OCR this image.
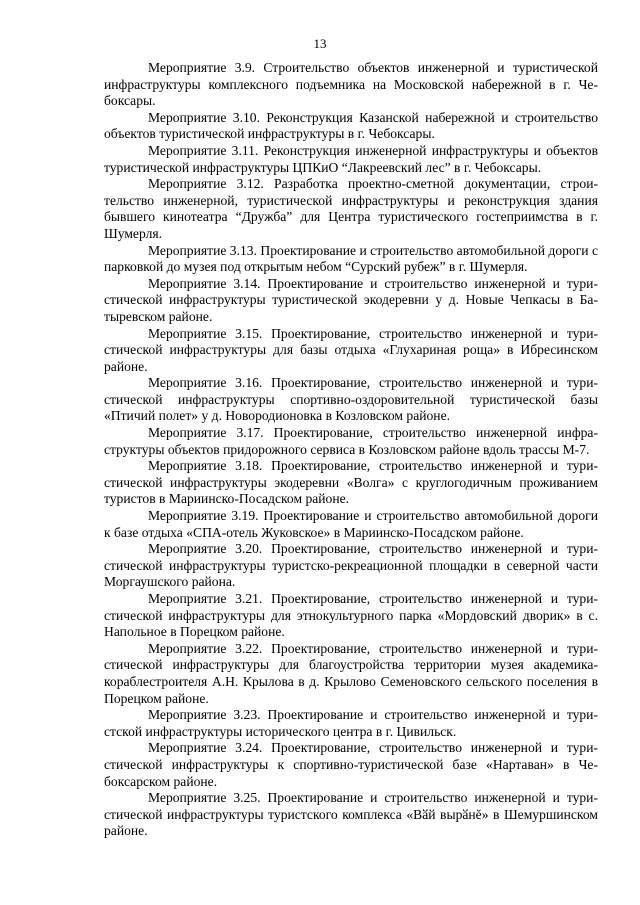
13

Мероприятие 3.9. Строительство объектов инженерной и туристической инфраструктуры комплексного подъемника на Московской набережной в г. Чебоксары.

Мероприятие 3.10. Реконструкция Казанской набережной и строительство объектов туристической инфраструктуры в г. Чебоксары.

Мероприятие 3.11. Реконструкция инженерной инфраструктуры и объектов туристической инфраструктуры ЦПКиО “Лакреевский лес” в г. Чебоксары.

Мероприятие 3.12. Разработка проектно-сметной документации, строительство инженерной, туристической инфраструктуры и реконструкция здания бывшего кинотеатра “Дружба” для Центра туристического гостеприимства в г. Шумерля.

Мероприятие 3.13. Проектирование и строительство автомобильной дороги с парковкой до музея под открытым небом “Сурский рубеж” в г. Шумерля.

Мероприятие 3.14. Проектирование и строительство инженерной и туристической инфраструктуры туристической экодеревни у д. Новые Чепкасы в Батыревском районе.

Мероприятие 3.15. Проектирование, строительство инженерной и туристической инфраструктуры для базы отдыха «Глухариная роща» в Ибресинском районе.

Мероприятие 3.16. Проектирование, строительство инженерной и туристической инфраструктуры спортивно-оздоровительной туристической базы «Птичий полет» у д. Новородионовка в Козловском районе.

Мероприятие 3.17. Проектирование, строительство инженерной инфраструктуры объектов придорожного сервиса в Козловском районе вдоль трассы М-7.

Мероприятие 3.18. Проектирование, строительство инженерной и туристической инфраструктуры экодеревни «Волга» с круглогодичным проживанием туристов в Мариинско-Посадском районе.

Мероприятие 3.19. Проектирование и строительство автомобильной дороги к базе отдыха «СПА-отель Жуковское» в Мариинско-Посадском районе.

Мероприятие 3.20. Проектирование, строительство инженерной и туристической инфраструктуры туристско-рекреационной площадки в северной части Моргаушского района.

Мероприятие 3.21. Проектирование, строительство инженерной и туристической инфраструктуры для этнокультурного парка «Мордовский дворик» в с. Напольное в Порецком районе.

Мероприятие 3.22. Проектирование, строительство инженерной и туристической инфраструктуры для благоустройства территории музея академика-кораблестроителя А.Н. Крылова в д. Крылово Семеновского сельского поселения в Порецком районе.

Мероприятие 3.23. Проектирование и строительство инженерной и туристской инфраструктуры исторического центра в г. Цивильск.

Мероприятие 3.24. Проектирование, строительство инженерной и туристической инфраструктуры к спортивно-туристической базе «Нартаван» в Чебоксарском районе.

Мероприятие 3.25. Проектирование и строительство инженерной и туристической инфраструктуры туристского комплекса «Вӑй вырӑнĕ» в Шемуршинском районе.
